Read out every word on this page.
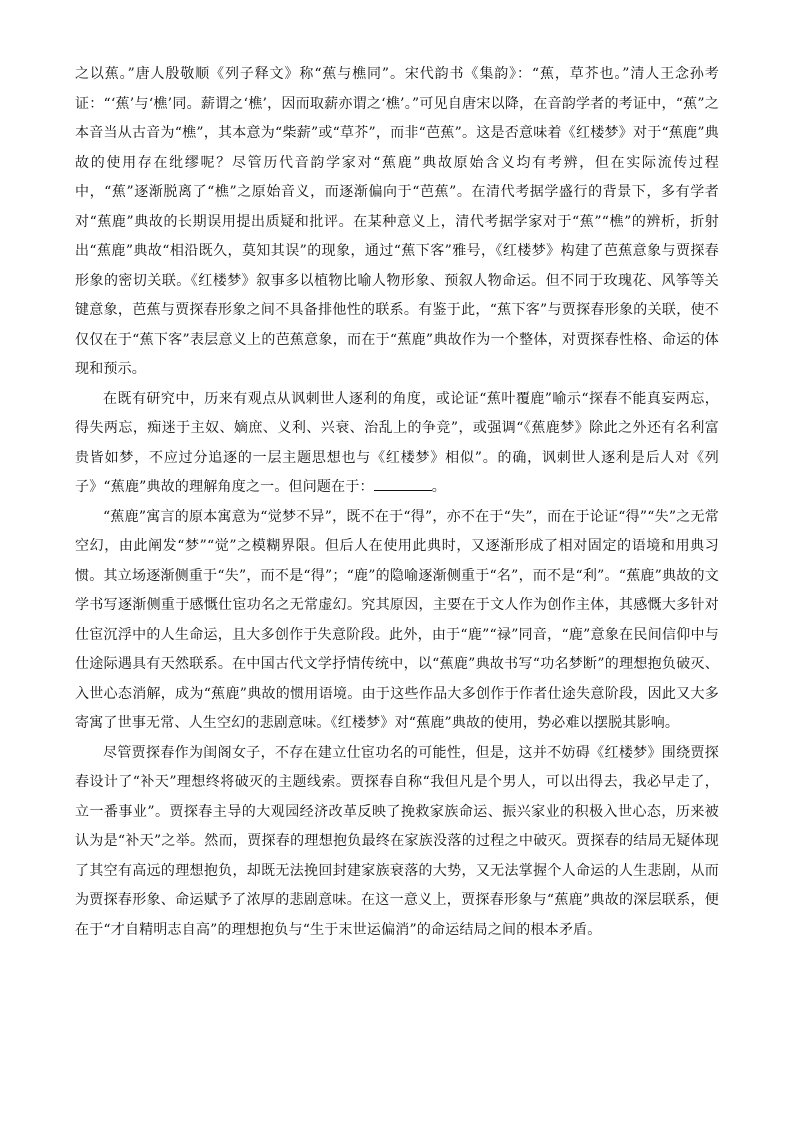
之以蕉。”唐人殷敬顺《列子释文》称“蕉与樵同”。宋代韵书《集韵》：“蕉，草芥也。”清人王念孙考证：“‘蕉’与‘樵’同。薪谓之‘樵’，因而取薪亦谓之‘樵’。”可见自唐宋以降，在音韵学者的考证中，“蕉”之本音当从古音为“樵”，其本意为“柴薪”或“草芥”，而非“芭蕉”。这是否意味着《红楼梦》对于“蕉鹿”典故的使用存在纰缪呢？尽管历代音韵学家对“蕉鹿”典故原始含义均有考辨，但在实际流传过程中，“蕉”逐渐脱离了“樵”之原始音义，而逐渐偏向于“芭蕉”。在清代考据学盛行的背景下，多有学者对“蕉鹿”典故的长期误用提出质疑和批评。在某种意义上，清代考据学家对于“蕉”“樵”的辨析，折射出“蕉鹿”典故“相沿既久，莫知其误”的现象，通过“蕉下客”雅号，《红楼梦》构建了芭蕉意象与贾探春形象的密切关联。《红楼梦》叙事多以植物比喻人物形象、预叙人物命运。但不同于玫瑰花、风筝等关键意象，芭蕉与贾探春形象之间不具备排他性的联系。有鉴于此，“蕉下客”与贾探春形象的关联，使不仅仅在于“蕉下客”表层意义上的芭蕉意象，而在于“蕉鹿”典故作为一个整体，对贾探春性格、命运的体现和预示。

在既有研究中，历来有观点从讽刺世人逐利的角度，或论证“蕉叶覆鹿”喻示“探春不能真妄两忘，得失两忘，痴迷于主奴、嫡庶、义利、兴衰、治乱上的争竞”，或强调“《蕉鹿梦》除此之外还有名利富贵皆如梦，不应过分追逐的一层主题思想也与《红楼梦》相似”。的确，讽刺世人逐利是后人对《列子》“蕉鹿”典故的理解角度之一。但问题在于：	。

“蕉鹿”寓言的原本寓意为“觉梦不异”，既不在于“得”，亦不在于“失”，而在于论证“得”“失”之无常空幻，由此阐发“梦”“觉”之模糊界限。但后人在使用此典时，又逐渐形成了相对固定的语境和用典习惯。其立场逐渐侧重于“失”，而不是“得”；“鹿”的隐喻逐渐侧重于“名”，而不是“利”。“蕉鹿”典故的文学书写逐渐侧重于感慨仕宦功名之无常虚幻。究其原因，主要在于文人作为创作主体，其感慨大多针对仕宦沉浮中的人生命运，且大多创作于失意阶段。此外，由于“鹿”“禄”同音，“鹿”意象在民间信仰中与仕途际遇具有天然联系。在中国古代文学抒情传统中，以“蕉鹿”典故书写“功名梦断”的理想抱负破灭、入世心态消解，成为“蕉鹿”典故的惯用语境。由于这些作品大多创作于作者仕途失意阶段，因此又大多寄寓了世事无常、人生空幻的悲剧意味。《红楼梦》对“蕉鹿”典故的使用，势必难以摆脱其影响。

尽管贾探春作为闺阁女子，不存在建立仕宦功名的可能性，但是，这并不妨碍《红楼梦》围绕贾探春设计了“补天”理想终将破灭的主题线索。贾探春自称“我但凡是个男人，可以出得去，我必早走了，立一番事业”。贾探春主导的大观园经济改革反映了挽救家族命运、振兴家业的积极入世心态，历来被认为是“补天”之举。然而，贾探春的理想抱负最终在家族没落的过程之中破灭。贾探春的结局无疑体现了其空有高远的理想抱负，却既无法挽回封建家族衰落的大势，又无法掌握个人命运的人生悲剧，从而为贾探春形象、命运赋予了浓厚的悲剧意味。在这一意义上，贾探春形象与“蕉鹿”典故的深层联系，便在于“才自精明志自高”的理想抱负与“生于末世运偏消”的命运结局之间的根本矛盾。
